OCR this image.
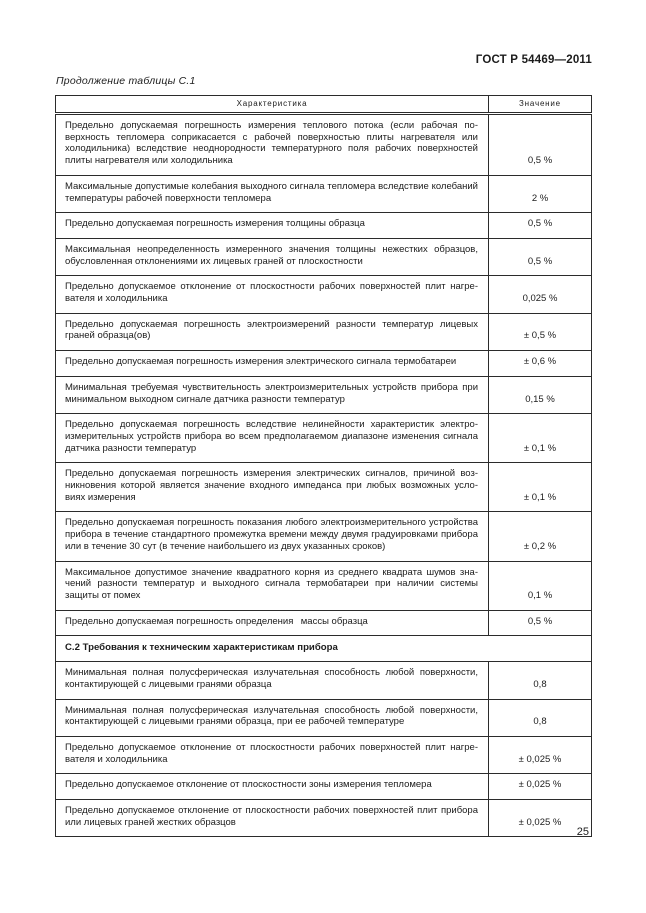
ГОСТ Р 54469—2011
Продолжение таблицы С.1
Характеристика	Значение
Предельно допускаемая погрешность измерения теплового потока (если рабочая поверхность тепломера соприкасается с рабочей поверхностью плиты нагревателя или холодильника) вследствие неоднородности температурного поля рабочих поверхностей плиты нагревателя или холодильника	0,5 %
Максимальные допустимые колебания выходного сигнала тепломера вследствие колебаний температуры рабочей поверхности тепломера	2 %
Предельно допускаемая погрешность измерения толщины образца	0,5 %
Максимальная неопределенность измеренного значения толщины нежестких образцов, обусловленная отклонениями их лицевых граней от плоскостности	0,5 %
Предельно допускаемое отклонение от плоскостности рабочих поверхностей плит нагревателя и холодильника	0,025 %
Предельно допускаемая погрешность электроизмерений разности температур лицевых граней образца(ов)	± 0,5 %
Предельно допускаемая погрешность измерения электрического сигнала термобатареи	± 0,6 %
Минимальная требуемая чувствительность электроизмерительных устройств прибора при минимальном выходном сигнале датчика разности температур	0,15 %
Предельно допускаемая погрешность вследствие нелинейности характеристик электроизмерительных устройств прибора во всем предполагаемом диапазоне изменения сигнала датчика разности температур	± 0,1 %
Предельно допускаемая погрешность измерения электрических сигналов, причиной возникновения которой является значение входного импеданса при любых возможных условиях измерения	± 0,1 %
Предельно допускаемая погрешность показания любого электроизмерительного устройства прибора в течение стандартного промежутка времени между двумя градуировками прибора или в течение 30 сут (в течение наибольшего из двух указанных сроков)	± 0,2 %
Максимальное допустимое значение квадратного корня из среднего квадрата шумов значений разности температур и выходного сигнала термобатареи при наличии системы защиты от помех	0,1 %
Предельно допускаемая погрешность определения  массы образца	0,5 %
С.2 Требования к техническим характеристикам прибора	
Минимальная полная полусферическая излучательная способность любой поверхности, контактирующей с лицевыми гранями образца	0,8
Минимальная полная полусферическая излучательная способность любой поверхности, контактирующей с лицевыми гранями образца, при ее рабочей температуре	0,8
Предельно допускаемое отклонение от плоскостности рабочих поверхностей плит нагревателя и холодильника	± 0,025 %
Предельно допускаемое отклонение от плоскостности зоны измерения тепломера	± 0,025 %
Предельно допускаемое отклонение от плоскостности рабочих поверхностей плит прибора или лицевых граней жестких образцов	± 0,025 %
25
